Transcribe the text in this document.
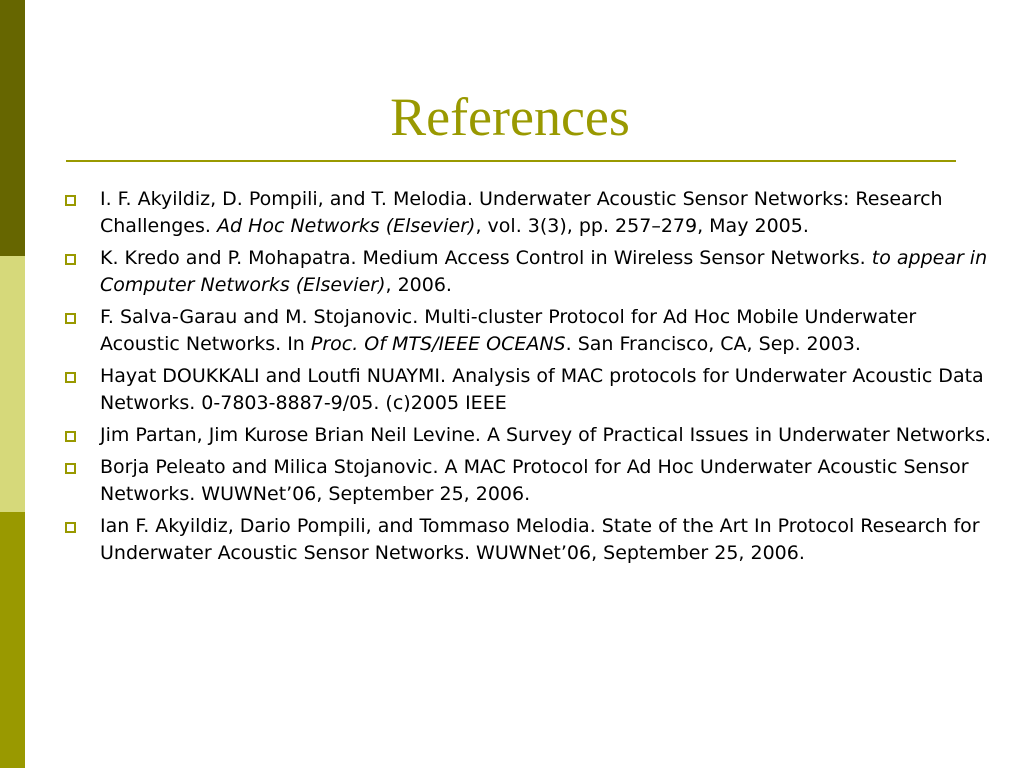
References
I. F. Akyildiz, D. Pompili, and T. Melodia. Underwater Acoustic Sensor Networks: Research Challenges. Ad Hoc Networks (Elsevier), vol. 3(3), pp. 257–279, May 2005.
K. Kredo and P. Mohapatra. Medium Access Control in Wireless Sensor Networks. to appear in Computer Networks (Elsevier), 2006.
F. Salva-Garau and M. Stojanovic. Multi-cluster Protocol for Ad Hoc Mobile Underwater Acoustic Networks. In Proc. Of MTS/IEEE OCEANS. San Francisco, CA, Sep. 2003.
Hayat DOUKKALI and Loutfi NUAYMI. Analysis of MAC protocols for Underwater Acoustic Data Networks. 0-7803-8887-9/05. (c)2005 IEEE
Jim Partan, Jim Kurose Brian Neil Levine. A Survey of Practical Issues in Underwater Networks.
Borja Peleato and Milica Stojanovic. A MAC Protocol for Ad Hoc Underwater Acoustic Sensor Networks. WUWNet’06, September 25, 2006.
Ian F. Akyildiz, Dario Pompili, and Tommaso Melodia. State of the Art In Protocol Research for Underwater Acoustic Sensor Networks. WUWNet’06, September 25, 2006.
